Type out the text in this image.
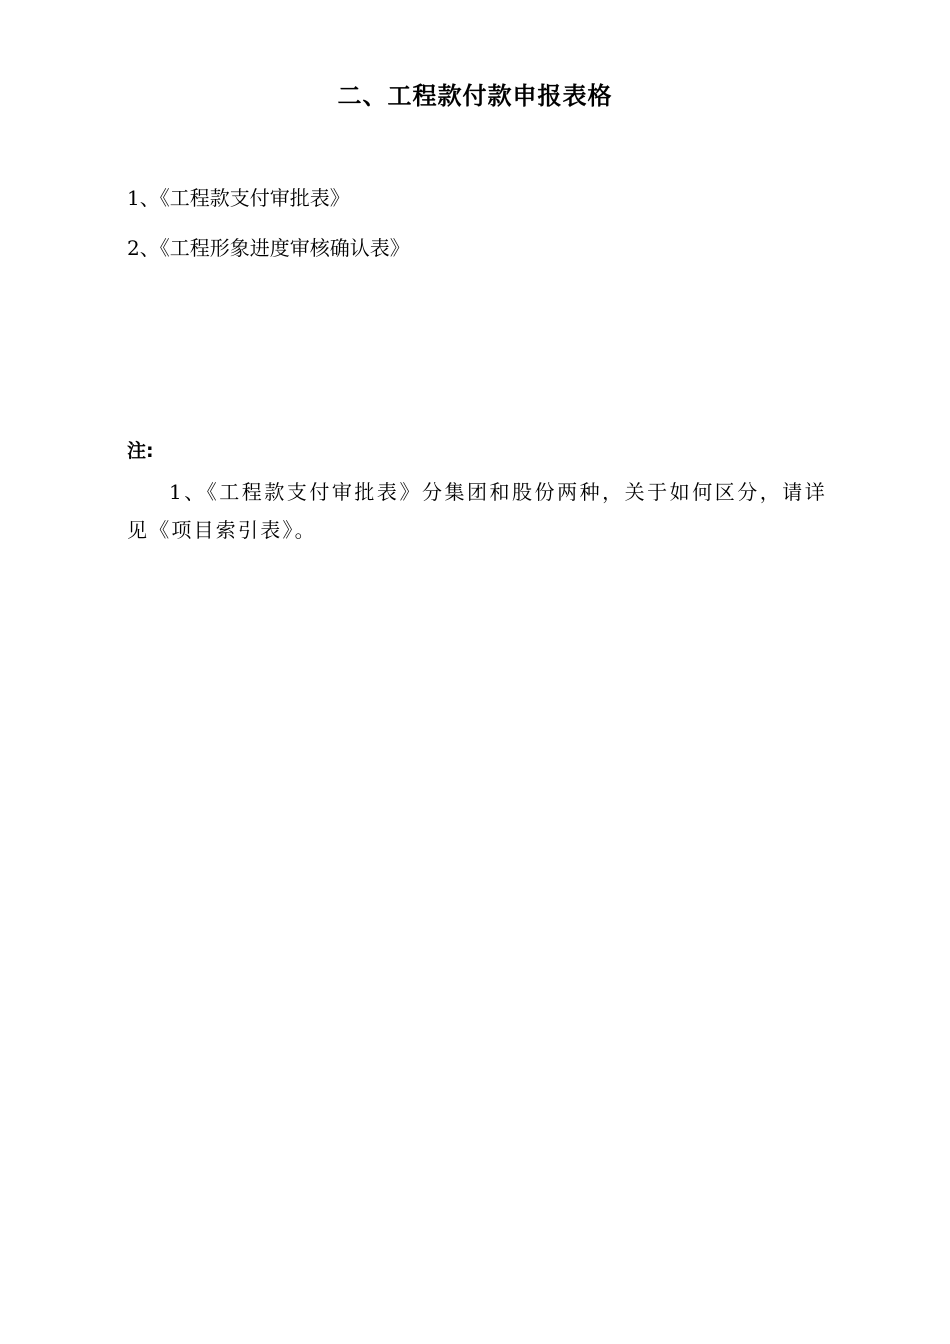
二、工程款付款申报表格
1、《工程款支付审批表》
2、《工程形象进度审核确认表》

注:

1、《工程款支付审批表》分集团和股份两种，关于如何区分，请详见《项目索引表》。
